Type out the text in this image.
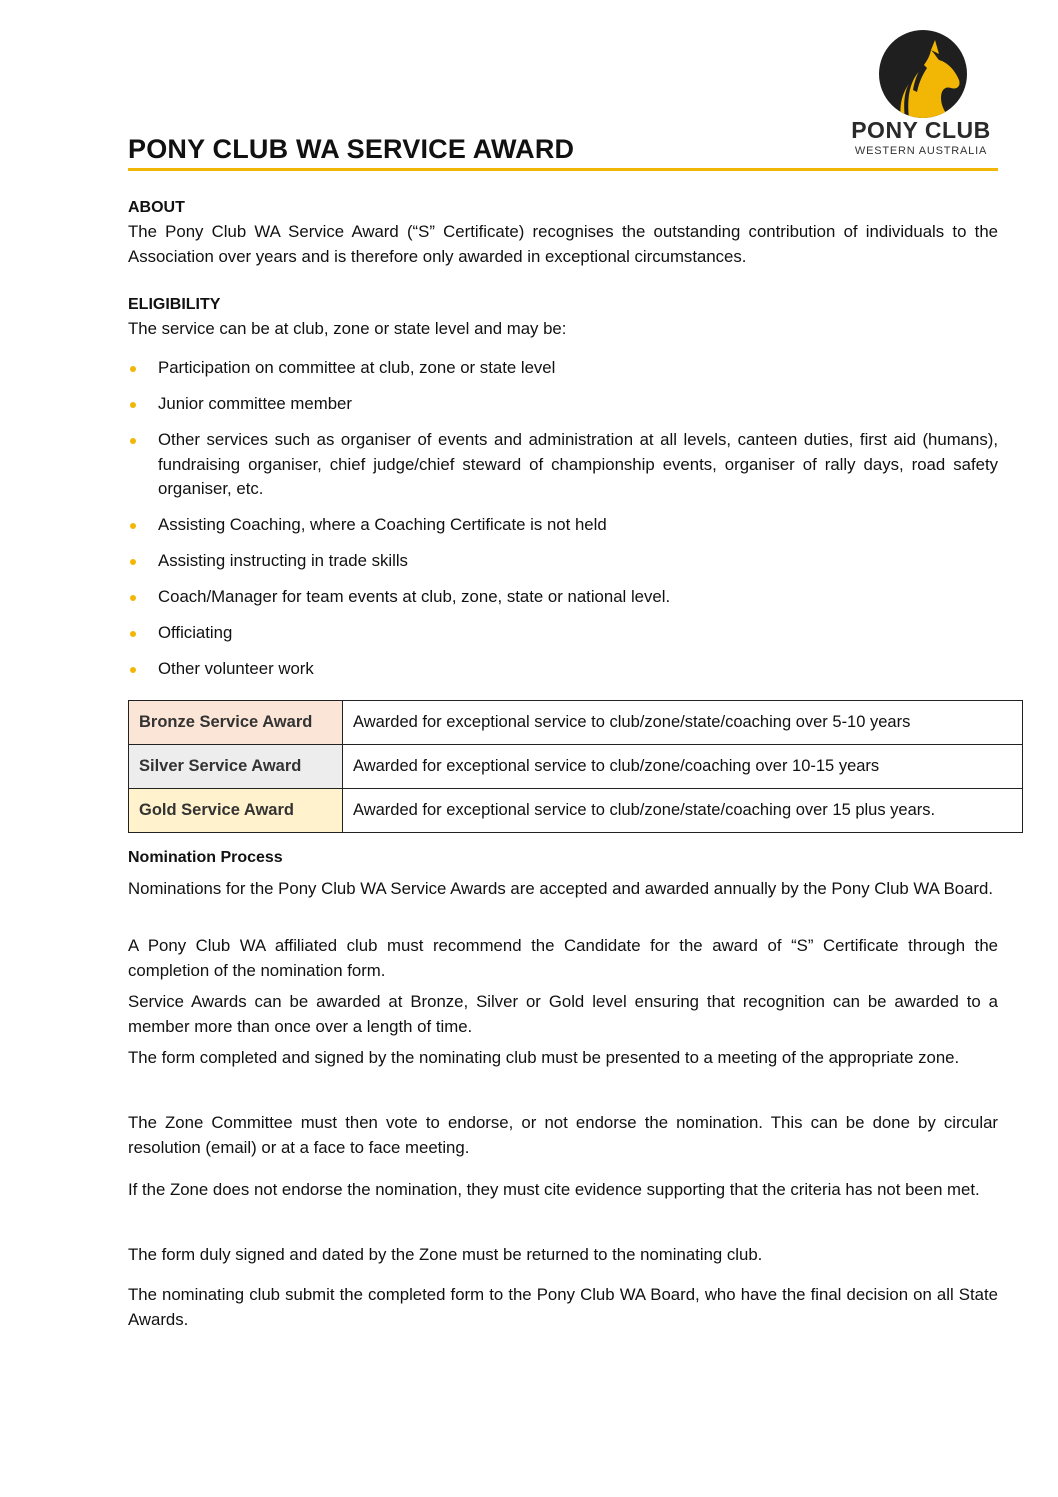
PONY CLUB
WESTERN AUSTRALIA
PONY CLUB WA SERVICE AWARD
ABOUT
The Pony Club WA Service Award (“S” Certificate) recognises the outstanding contribution of individuals to the Association over years and is therefore only awarded in exceptional circumstances.
ELIGIBILITY
The service can be at club, zone or state level and may be:
Participation on committee at club, zone or state level
Junior committee member
Other services such as organiser of events and administration at all levels, canteen duties, first aid (humans), fundraising organiser, chief judge/chief steward of championship events, organiser of rally days, road safety organiser, etc.
Assisting Coaching, where a Coaching Certificate is not held
Assisting instructing in trade skills
Coach/Manager for team events at club, zone, state or national level.
Officiating
Other volunteer work
Bronze Service Award	Awarded for exceptional service to club/zone/state/coaching over 5-10 years
Silver Service Award	Awarded for exceptional service to club/zone/coaching over 10-15 years
Gold Service Award	Awarded for exceptional service to club/zone/state/coaching over 15 plus years.
Nomination Process
Nominations for the Pony Club WA Service Awards are accepted and awarded annually by the Pony Club WA Board.
A Pony Club WA affiliated club must recommend the Candidate for the award of “S” Certificate through the completion of the nomination form.
Service Awards can be awarded at Bronze, Silver or Gold level ensuring that recognition can be awarded to a member more than once over a length of time.
The form completed and signed by the nominating club must be presented to a meeting of the appropriate zone.
The Zone Committee must then vote to endorse, or not endorse the nomination. This can be done by circular resolution (email) or at a face to face meeting.
If the Zone does not endorse the nomination, they must cite evidence supporting that the criteria has not been met.
The form duly signed and dated by the Zone must be returned to the nominating club.
The nominating club submit the completed form to the Pony Club WA Board, who have the final decision on all State Awards.
